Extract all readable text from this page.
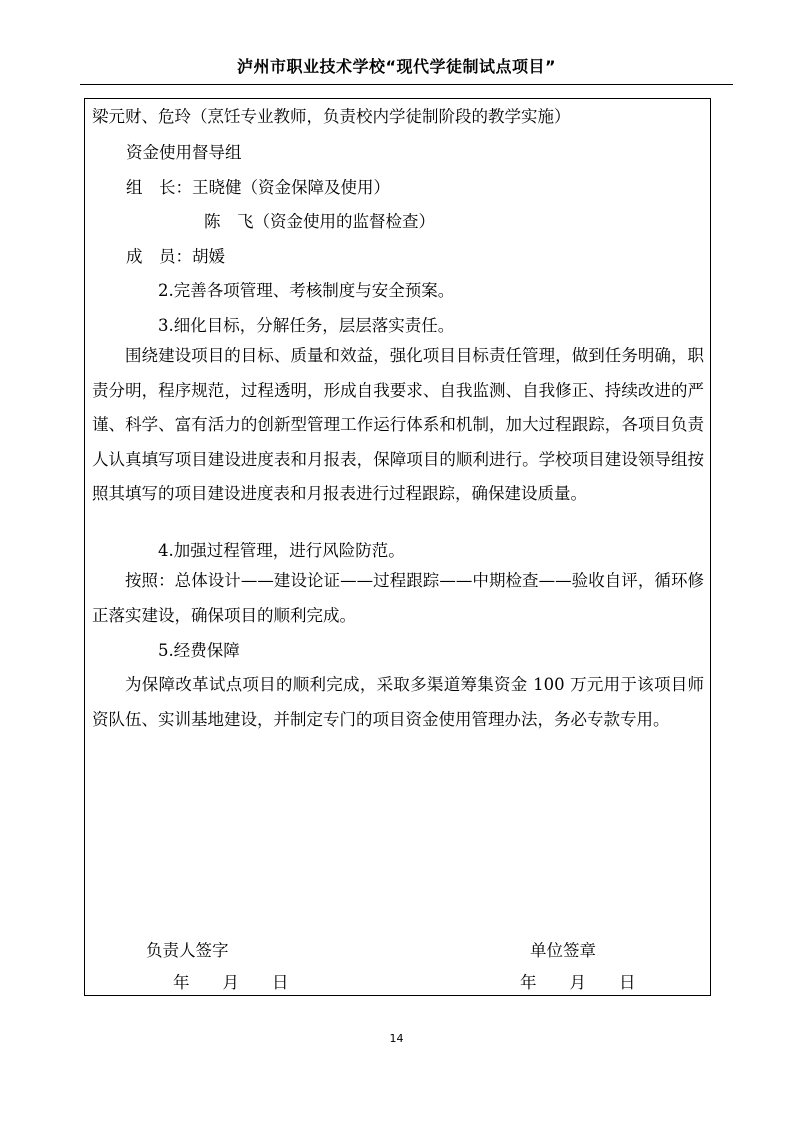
泸州市职业技术学校“现代学徒制试点项目”
梁元财、危玲（烹饪专业教师，负责校内学徒制阶段的教学实施）
资金使用督导组
组　长：王晓健（资金保障及使用）
陈　飞（资金使用的监督检查）
成　员：胡媛
2.完善各项管理、考核制度与安全预案。
3.细化目标，分解任务，层层落实责任。
围绕建设项目的目标、质量和效益，强化项目目标责任管理，做到任务明确，职责分明，程序规范，过程透明，形成自我要求、自我监测、自我修正、持续改进的严谨、科学、富有活力的创新型管理工作运行体系和机制，加大过程跟踪，各项目负责人认真填写项目建设进度表和月报表，保障项目的顺利进行。学校项目建设领导组按照其填写的项目建设进度表和月报表进行过程跟踪，确保建设质量。
4.加强过程管理，进行风险防范。
按照：总体设计——建设论证——过程跟踪——中期检查——验收自评，循环修正落实建设，确保项目的顺利完成。
5.经费保障
为保障改革试点项目的顺利完成，采取多渠道筹集资金 100 万元用于该项目师资队伍、实训基地建设，并制定专门的项目资金使用管理办法，务必专款专用。
负责人签字	单位签章
年　　月　　日	年　　月　　日
14
